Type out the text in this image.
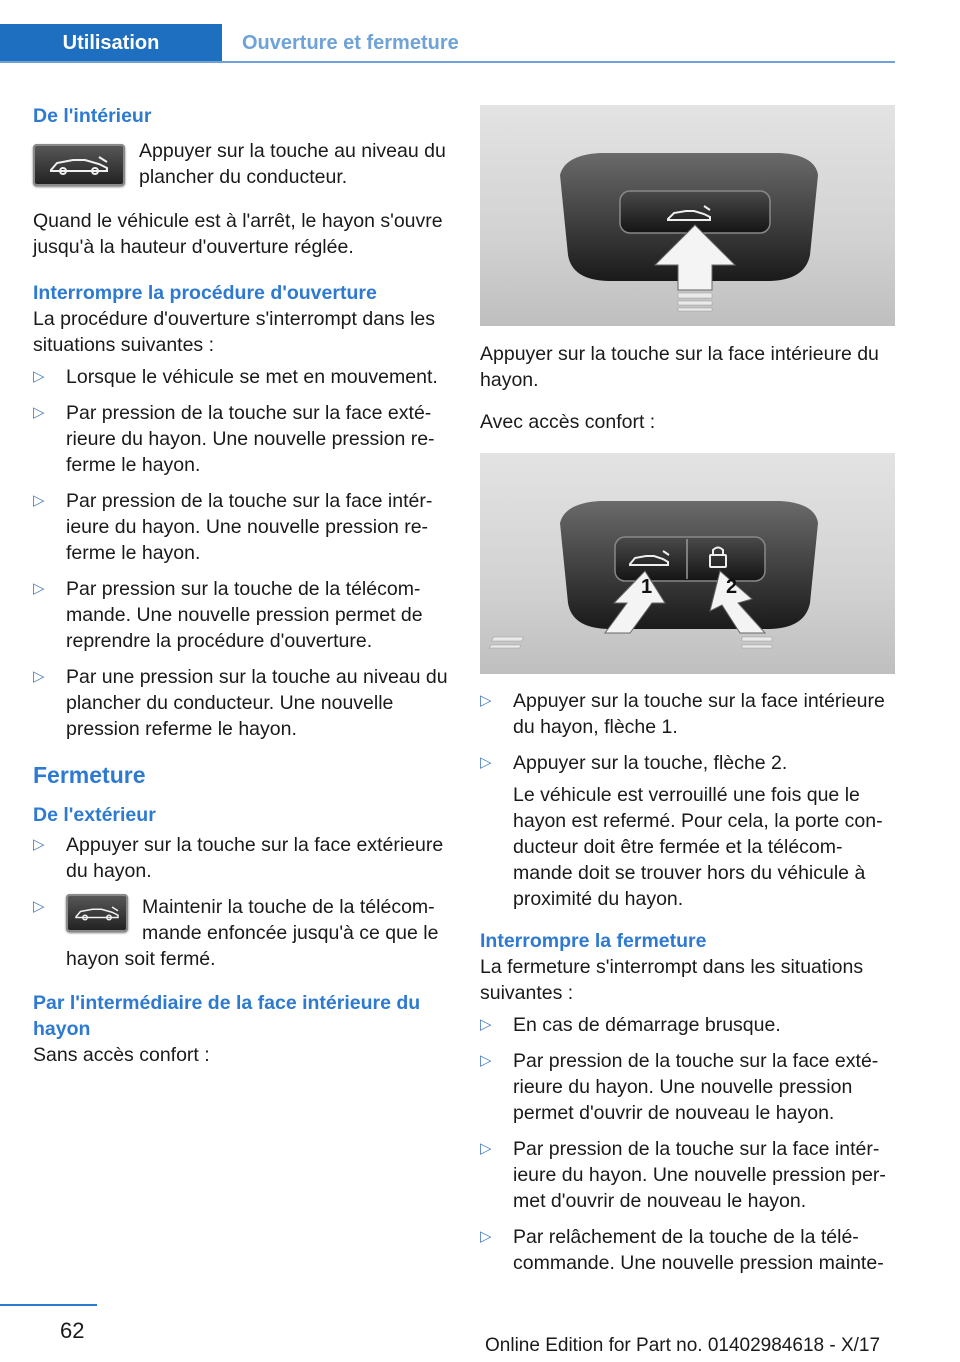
Utilisation	Ouverture et fermeture
De l'intérieur

Appuyer sur la touche au niveau du plancher du conducteur.

Quand le véhicule est à l'arrêt, le hayon s'ouvre jusqu'à la hauteur d'ouverture réglée.

Interrompre la procédure d'ouverture

La procédure d'ouverture s'interrompt dans les situations suivantes :

▷ Lorsque le véhicule se met en mouvement.
▷ Par pression de la touche sur la face exté‐rieure du hayon. Une nouvelle pression re‐ferme le hayon.
▷ Par pression de la touche sur la face intér‐ieure du hayon. Une nouvelle pression re‐ferme le hayon.
▷ Par pression sur la touche de la télécom‐mande. Une nouvelle pression permet de reprendre la procédure d'ouverture.
▷ Par une pression sur la touche au niveau du plancher du conducteur. Une nouvelle pression referme le hayon.
Fermeture
De l'extérieur
▷ Appuyer sur la touche sur la face extérieure du hayon.
▷	Maintenir la touche de la télécom‐mande enfoncée jusqu'à ce que le
hayon soit fermé.
Par l'intermédiaire de la face intérieure du hayon

Sans accès confort :

Appuyer sur la touche sur la face intérieure du hayon.

Avec accès confort :

1	2
▷ Appuyer sur la touche sur la face intérieure du hayon, flèche 1.
▷ Appuyer sur la touche, flèche 2.
Le véhicule est verrouillé une fois que le hayon est refermé. Pour cela, la porte con‐ducteur doit être fermée et la télécom‐mande doit se trouver hors du véhicule à proximité du hayon.
Interrompre la fermeture

La fermeture s'interrompt dans les situations suivantes :

▷ En cas de démarrage brusque.
▷ Par pression de la touche sur la face exté‐rieure du hayon. Une nouvelle pression permet d'ouvrir de nouveau le hayon.
▷ Par pression de la touche sur la face intér‐ieure du hayon. Une nouvelle pression per‐met d'ouvrir de nouveau le hayon.
▷ Par relâchement de la touche de la télé‐commande. Une nouvelle pression mainte‐
62
Online Edition for Part no. 01402984618 - X/17
